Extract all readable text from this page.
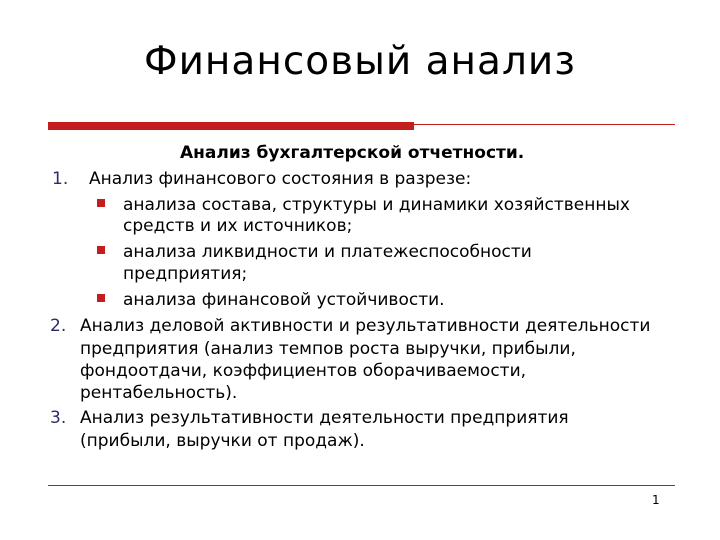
Финансовый анализ
Анализ бухгалтерской отчетности.
1. Анализ финансового состояния в разрезе:
анализа состава, структуры и динамики хозяйственных
средств и их источников;
анализа ликвидности и платежеспособности
предприятия;
анализа финансовой устойчивости.
2. Анализ деловой активности и результативности деятельности
предприятия (анализ темпов роста выручки, прибыли,
фондоотдачи, коэффициентов оборачиваемости,
рентабельность).
3. Анализ результативности деятельности предприятия
(прибыли, выручки от продаж).
1
